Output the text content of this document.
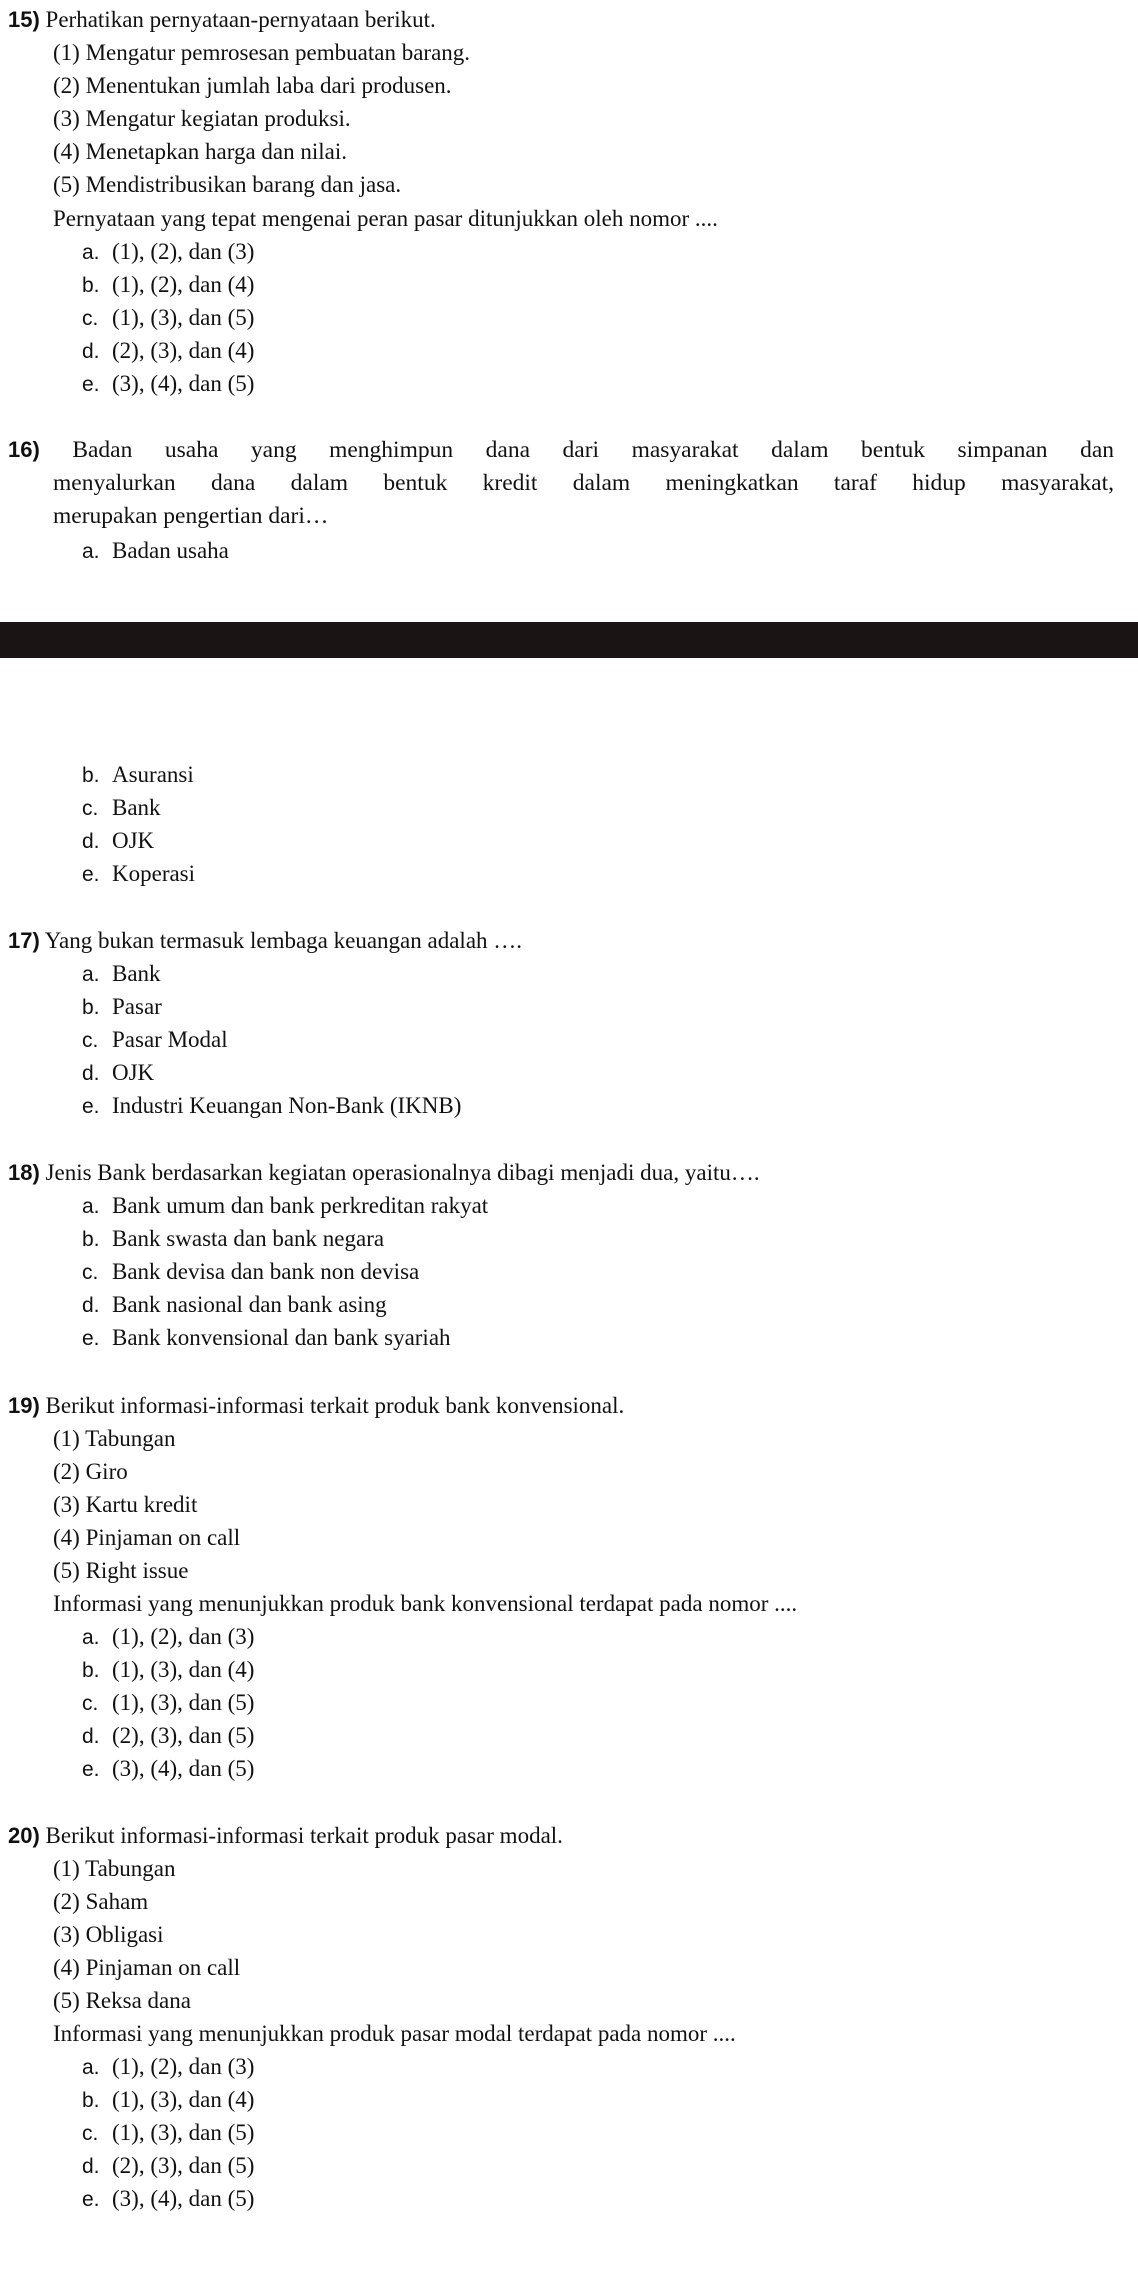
15) Perhatikan pernyataan-pernyataan berikut.
(1) Mengatur pemrosesan pembuatan barang.
(2) Menentukan jumlah laba dari produsen.
(3) Mengatur kegiatan produksi.
(4) Menetapkan harga dan nilai.
(5) Mendistribusikan barang dan jasa.
Pernyataan yang tepat mengenai peran pasar ditunjukkan oleh nomor ....
a. (1), (2), dan (3)
b. (1), (2), dan (4)
c. (1), (3), dan (5)
d. (2), (3), dan (4)
e. (3), (4), dan (5)
16) Badan usaha yang menghimpun dana dari masyarakat dalam bentuk simpanan dan
menyalurkan dana dalam bentuk kredit dalam meningkatkan taraf hidup masyarakat,
merupakan pengertian dari…
a. Badan usaha
b. Asuransi
c. Bank
d. OJK
e. Koperasi
17) Yang bukan termasuk lembaga keuangan adalah ….
a. Bank
b. Pasar
c. Pasar Modal
d. OJK
e. Industri Keuangan Non-Bank (IKNB)
18) Jenis Bank berdasarkan kegiatan operasionalnya dibagi menjadi dua, yaitu….
a. Bank umum dan bank perkreditan rakyat
b. Bank swasta dan bank negara
c. Bank devisa dan bank non devisa
d. Bank nasional dan bank asing
e. Bank konvensional dan bank syariah
19) Berikut informasi-informasi terkait produk bank konvensional.
(1) Tabungan
(2) Giro
(3) Kartu kredit
(4) Pinjaman on call
(5) Right issue
Informasi yang menunjukkan produk bank konvensional terdapat pada nomor ....
a. (1), (2), dan (3)
b. (1), (3), dan (4)
c. (1), (3), dan (5)
d. (2), (3), dan (5)
e. (3), (4), dan (5)
20) Berikut informasi-informasi terkait produk pasar modal.
(1) Tabungan
(2) Saham
(3) Obligasi
(4) Pinjaman on call
(5) Reksa dana
Informasi yang menunjukkan produk pasar modal terdapat pada nomor ....
a. (1), (2), dan (3)
b. (1), (3), dan (4)
c. (1), (3), dan (5)
d. (2), (3), dan (5)
e. (3), (4), dan (5)
